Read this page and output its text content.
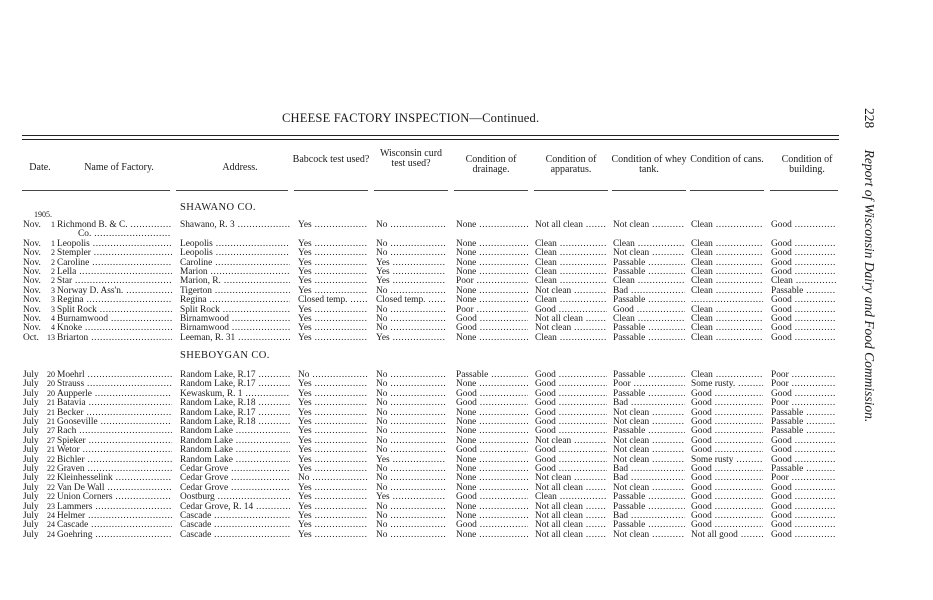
CHEESE FACTORY INSPECTION—Continued.	228 Report of Wisconsin Dairy and Food Commission.
Date.	Name of Factory.	Address.
Babcock test used?
Wisconsin curd test used?	Condition of drainage.
Condition of apparatus.
Condition of whey tank.
Condition of cans.	Condition of building.
1905.
SHAWANO CO.
Nov. 1 Richmond B. & C. .....	Shawano, R. 3 .....	Yes .....	No .....	None .....	Not all clean .....	Not clean .....	Clean .....	Good .....
Nov. 1 Leopolis .....	Leopolis .....	Yes .....	No .....	None .....	Clean .....	Clean .....	Clean .....	Good .....
Nov. 2 Stempler .....	Leopolis .....	Yes .....	No .....	None .....	Clean .....	Not clean .....	Clean .....	Good .....
Nov. 2 Caroline .....	Caroline .....	Yes .....	Yes .....	None .....	Clean .....	Passable .....	Clean .....	Good .....
Nov. 2 Lella .....	Marion .....	Yes .....	Yes .....	None .....	Clean .....	Passable .....	Clean .....	Good .....
Nov. 2 Star .....	Marion, R. .....	Yes .....	Yes .....	Poor .....	Clean .....	Clean .....	Clean .....	Clean .....
Nov. 3 Norway D. Ass'n. .....	Tigerton .....	Yes .....	No .....	None .....	Not clean .....	Bad .....	Clean .....	Passable .....
Nov. 3 Regina .....	Regina .....	Closed temp. .....	Closed temp. .....	None .....	Clean .....	Passable .....
.....	Good .....
Nov. 3 Split Rock .....	Split Rock .....	Yes .....	No .....	Poor .....	Good .....	Good .....	Clean .....	Good .....
Nov. 4 Burnamwood .....	Birnamwood .....	Yes .....	No .....	Good .....	Not all clean .....	Clean .....	Clean .....	Good .....
Nov. 4 Knoke .....	Birnamwood .....	Yes .....	No .....	Good .....	Not clean .....	Passable .....	Clean .....	Good .....
Oct. 13 Briarton .....	Leeman, R. 31 .....	Yes .....	Yes .....	None .....	Clean .....	Passable .....	Clean .....	Good .....
SHEBOYGAN CO.
July 20 Moehrl .....	Random Lake, R.17 .....	No .....	No .....	Passable .....	Good .....	Passable .....	Clean .....	Poor .....
July 20 Strauss .....	Random Lake, R.17 .....	Yes .....	No .....	None .....	Good .....	Poor .....	Some rusty. .....	Poor .....
July 20 Aupperle .....	Kewaskum, R. 1 .....	Yes .....	No .....	Good .....	Good .....	Passable .....	Good .....	Good .....
July 21 Batavia .....	Random Lake, R.18 .....	Yes .....	No .....	Good .....	Good .....	Bad .....	Good .....	Poor .....
July 21 Becker .....	Random Lake, R.17 .....	Yes .....	No .....	None .....	Good .....	Not clean .....	Good .....	Passable .....
July 21 Gooseville .....	Random Lake, R.18 .....	Yes .....	No .....	None .....	Good .....	Not clean .....	Good .....	Passable .....
July 27 Rach .....	Random Lake .....	Yes .....	No .....	None .....	Good .....	Passable .....	Good .....	Passable .....
July 27 Spieker .....	Random Lake .....	Yes .....	No .....	None .....	Not clean .....	Not clean .....	Good .....	Good .....
July 21 Wetor .....	Random Lake .....	Yes .....	No .....	Good .....	Good .....	Not clean .....	Good .....	Good .....
July 22 Bichler .....	Random Lake .....	Yes .....	Yes .....	None .....	Good .....	Not clean .....	Some rusty .....	Good .....
July 22 Graven .....	Cedar Grove .....	Yes .....	No .....	None .....	Good .....	Bad .....	Good .....	Passable .....
July 22 Kleinhesselink .....	Cedar Grove .....	No .....	No .....	None .....	Not clean .....	Bad .....	Good .....	Poor .....
July 22 Van De Wall .....	Cedar Grove .....	Yes .....	No .....	None .....	Not all clean .....	Not clean .....	Good .....	Good .....
July 22 Union Corners .....	Oostburg .....	Yes .....	Yes .....	Good .....	Clean .....	Passable .....	Good .....	Good .....
July 23 Lammers .....	Cedar Grove, R. 14 .....	Yes .....	No .....	None .....	Not all clean .....	Passable .....	Good .....	Good .....
July 24 Helmer .....	Cascade .....	Yes .....	No .....	None .....	Not all clean .....	Bad .....	Good .....	Good .....
July 24 Cascade .....	Cascade .....	Yes .....	No .....	Good .....	Not all clean .....	Passable .....	Good .....	Good .....
July 24 Goehring .....	Cascade .....	Yes .....	No .....	None .....	Not all clean .....	Not clean .....	Not all good .....	Good .....
Co. .....
